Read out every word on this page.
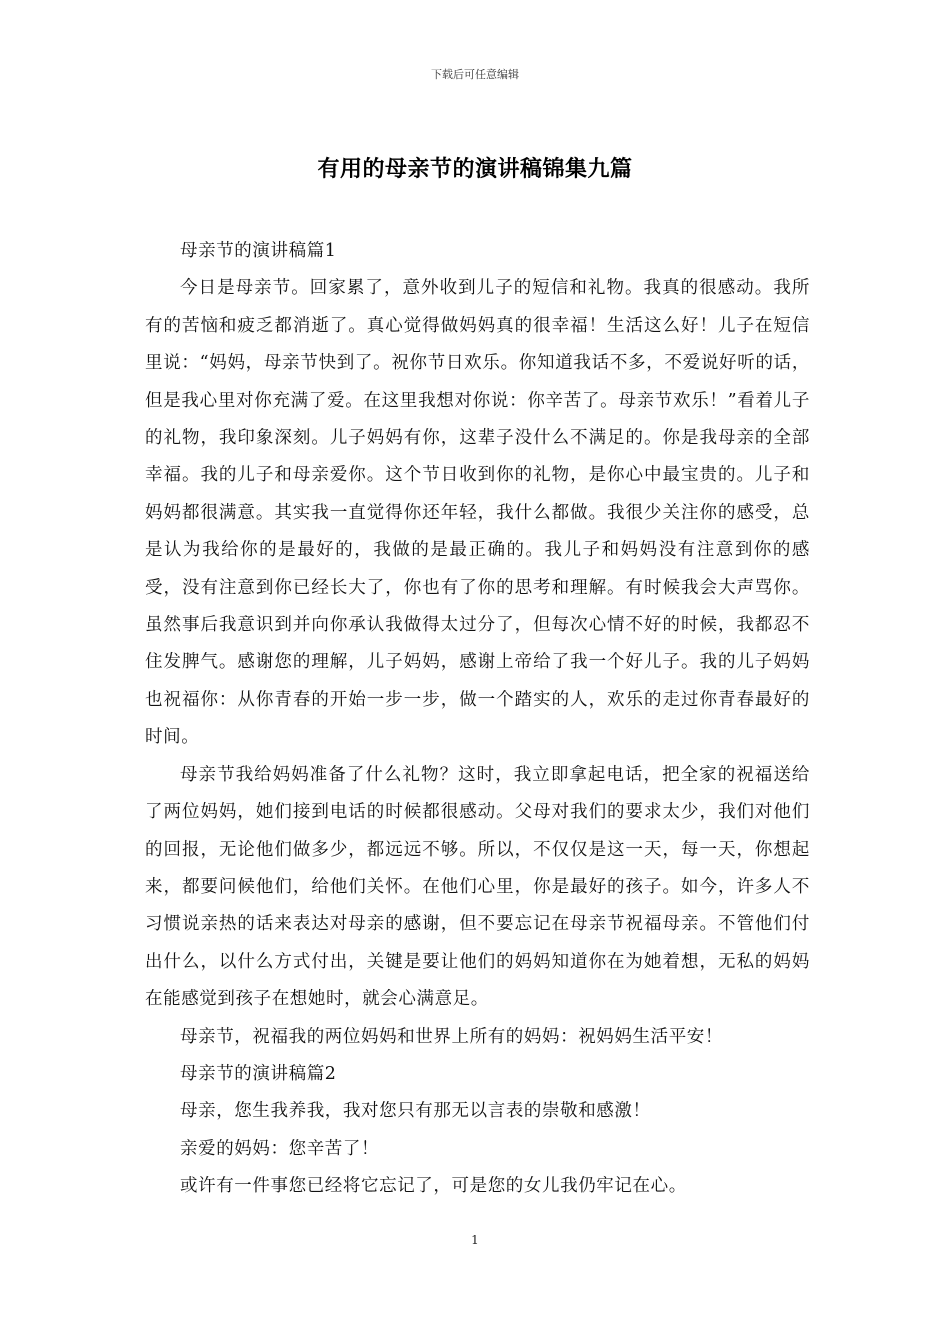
下载后可任意编辑
有用的母亲节的演讲稿锦集九篇

母亲节的演讲稿篇1

今日是母亲节。回家累了，意外收到儿子的短信和礼物。我真的很感动。我所有的苦恼和疲乏都消逝了。真心觉得做妈妈真的很幸福！生活这么好！儿子在短信里说：“妈妈，母亲节快到了。祝你节日欢乐。你知道我话不多，不爱说好听的话，但是我心里对你充满了爱。在这里我想对你说：你辛苦了。母亲节欢乐！”看着儿子的礼物，我印象深刻。儿子妈妈有你，这辈子没什么不满足的。你是我母亲的全部幸福。我的儿子和母亲爱你。这个节日收到你的礼物，是你心中最宝贵的。儿子和妈妈都很满意。其实我一直觉得你还年轻，我什么都做。我很少关注你的感受，总是认为我给你的是最好的，我做的是最正确的。我儿子和妈妈没有注意到你的感受，没有注意到你已经长大了，你也有了你的思考和理解。有时候我会大声骂你。虽然事后我意识到并向你承认我做得太过分了，但每次心情不好的时候，我都忍不住发脾气。感谢您的理解，儿子妈妈，感谢上帝给了我一个好儿子。我的儿子妈妈也祝福你：从你青春的开始一步一步，做一个踏实的人，欢乐的走过你青春最好的时间。

母亲节我给妈妈准备了什么礼物？这时，我立即拿起电话，把全家的祝福送给了两位妈妈，她们接到电话的时候都很感动。父母对我们的要求太少，我们对他们的回报，无论他们做多少，都远远不够。所以，不仅仅是这一天，每一天，你想起来，都要问候他们，给他们关怀。在他们心里，你是最好的孩子。如今，许多人不习惯说亲热的话来表达对母亲的感谢，但不要忘记在母亲节祝福母亲。不管他们付出什么，以什么方式付出，关键是要让他们的妈妈知道你在为她着想，无私的妈妈在能感觉到孩子在想她时，就会心满意足。

母亲节，祝福我的两位妈妈和世界上所有的妈妈：祝妈妈生活平安！

母亲节的演讲稿篇2

母亲，您生我养我，我对您只有那无以言表的崇敬和感激！

亲爱的妈妈：您辛苦了！

或许有一件事您已经将它忘记了，可是您的女儿我仍牢记在心。

1
